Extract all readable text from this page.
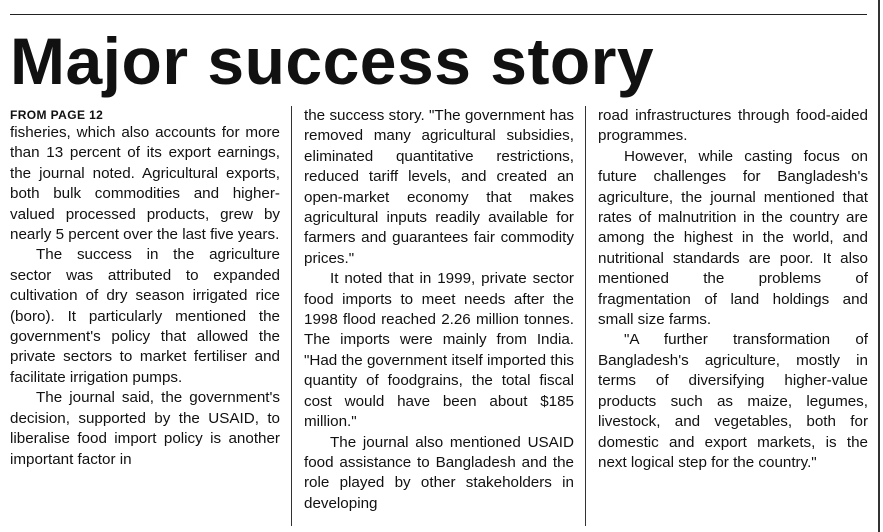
Major success story
FROM PAGE 12

fisheries, which also accounts for more than 13 percent of its export earnings, the journal noted. Agricultural exports, both bulk commodities and higher-valued processed products, grew by nearly 5 percent over the last five years.

The success in the agriculture sector was attributed to expanded cultivation of dry season irrigated rice (boro). It particularly mentioned the government's policy that allowed the private sectors to market fertiliser and facilitate irrigation pumps.

The journal said, the government's decision, supported by the USAID, to liberalise food import policy is another important factor in

the success story. "The government has removed many agricultural subsidies, eliminated quantitative restrictions, reduced tariff levels, and created an open-market economy that makes agricultural inputs readily available for farmers and guarantees fair commodity prices."

It noted that in 1999, private sector food imports to meet needs after the 1998 flood reached 2.26 million tonnes. The imports were mainly from India. "Had the government itself imported this quantity of foodgrains, the total fiscal cost would have been about $185 million."

The journal also mentioned USAID food assistance to Bangladesh and the role played by other stakeholders in developing

road infrastructures through food-aided programmes.

However, while casting focus on future challenges for Bangladesh's agriculture, the journal mentioned that rates of malnutrition in the country are among the highest in the world, and nutritional standards are poor. It also mentioned the problems of fragmentation of land holdings and small size farms.

"A further transformation of Bangladesh's agriculture, mostly in terms of diversifying higher-value products such as maize, legumes, livestock, and vegetables, both for domestic and export markets, is the next logical step for the country."
